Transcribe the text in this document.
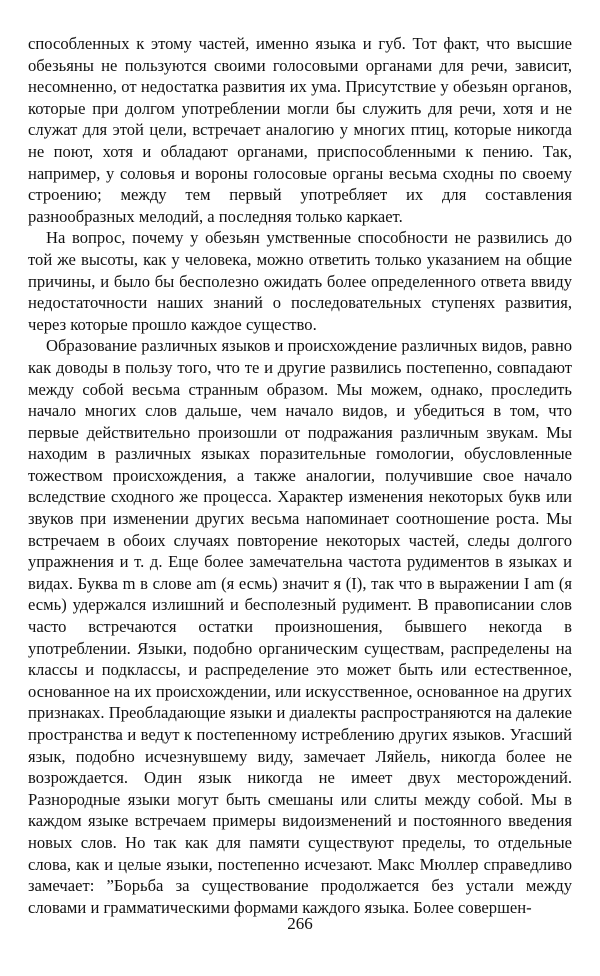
способленных к этому частей, именно языка и губ. Тот факт, что высшие обезьяны не пользуются своими голосовыми органами для речи, зависит, несомненно, от недостатка развития их ума. Присутствие у обезьян органов, которые при долгом употреблении могли бы служить для речи, хотя и не служат для этой цели, встречает аналогию у многих птиц, которые никогда не поют, хотя и обладают органами, приспособленными к пению. Так, например, у соловья и вороны голосовые органы весьма сходны по своему строению; между тем первый употребляет их для составления разнообразных мелодий, а последняя только каркает.

На вопрос, почему у обезьян умственные способности не развились до той же высоты, как у человека, можно ответить только указанием на общие причины, и было бы бесполезно ожидать более определенного ответа ввиду недостаточности наших знаний о последовательных ступенях развития, через которые прошло каждое существо.

Образование различных языков и происхождение различных видов, равно как доводы в пользу того, что те и другие развились постепенно, совпадают между собой весьма странным образом. Мы можем, однако, проследить начало многих слов дальше, чем начало видов, и убедиться в том, что первые действительно произошли от подражания различным звукам. Мы находим в различных языках поразительные гомологии, обусловленные тожеством происхождения, а также аналогии, получившие свое начало вследствие сходного же процесса. Характер изменения некоторых букв или звуков при изменении других весьма напоминает соотношение роста. Мы встречаем в обоих случаях повторение некоторых частей, следы долгого упражнения и т. д. Еще более замечательна частота рудиментов в языках и видах. Буква m в слове am (я есмь) значит я (I), так что в выражении I am (я есмь) удержался излишний и бесполезный рудимент. В правописании слов часто встречаются остатки произношения, бывшего некогда в употреблении. Языки, подобно органическим существам, распределены на классы и подклассы, и распределение это может быть или естественное, основанное на их происхождении, или искусственное, основанное на других признаках. Преобладающие языки и диалекты распространяются на далекие пространства и ведут к постепенному истреблению других языков. Угасший язык, подобно исчезнувшему виду, замечает Ляйель, никогда более не возрождается. Один язык никогда не имеет двух месторождений. Разнородные языки могут быть смешаны или слиты между собой. Мы в каждом языке встречаем примеры видоизменений и постоянного введения новых слов. Но так как для памяти существуют пределы, то отдельные слова, как и целые языки, постепенно исчезают. Макс Мюллер справедливо замечает: ”Борьба за существование продолжается без устали между словами и грамматическими формами каждого языка. Более совершен-

266
